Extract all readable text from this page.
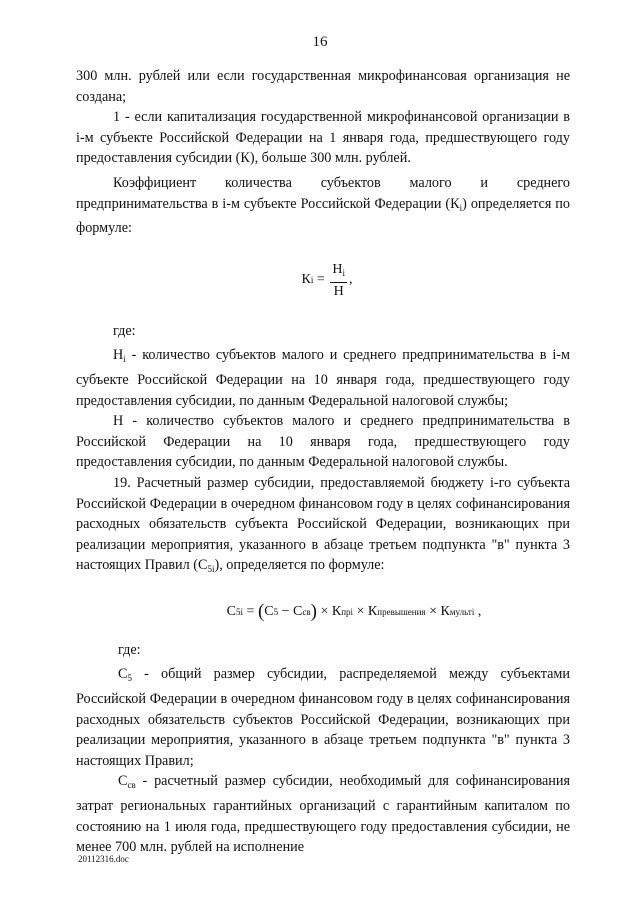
16

300 млн. рублей или если государственная микрофинансовая организация не создана;

1 - если капитализация государственной микрофинансовой организации в i-м субъекте Российской Федерации на 1 января года, предшествующего году предоставления субсидии (К), больше 300 млн. рублей.

Коэффициент количества субъектов малого и среднего предпринимательства в i-м субъекте Российской Федерации $(К_i)$ определяется по формуле:

К $i = \frac{Н_i}{Н}$ ,

где:

$Н_i$ - количество субъектов малого и среднего предпринимательства в i-м субъекте Российской Федерации на 10 января года, предшествующего году предоставления субсидии, по данным Федеральной налоговой службы;

Н - количество субъектов малого и среднего предпринимательства в Российской Федерации на 10 января года, предшествующего году предоставления субсидии, по данным Федеральной налоговой службы.

19. Расчетный размер субсидии, предоставляемой бюджету i-го субъекта Российской Федерации в очередном финансовом году в целях софинансирования расходных обязательств субъекта Российской Федерации, возникающих при реализации мероприятия, указанного в абзаце третьем подпункта "в" пункта 3 настоящих Правил $(С_{5i})$, определяется по формуле:

С 5i = ( С 5 − С св ) × К прi × К превышения × К мульті ,

где:

$С_5$ - общий размер субсидии, распределяемой между субъектами Российской Федерации в очередном финансовом году в целях софинансирования расходных обязательств субъектов Российской Федерации, возникающих при реализации мероприятия, указанного в абзаце третьем подпункта "в" пункта 3 настоящих Правил;

$С_{св}$ - расчетный размер субсидии, необходимый для софинансирования затрат региональных гарантийных организаций с гарантийным капиталом по состоянию на 1 июля года, предшествующего году предоставления субсидии, не менее 700 млн. рублей на исполнение

20112316.doc
